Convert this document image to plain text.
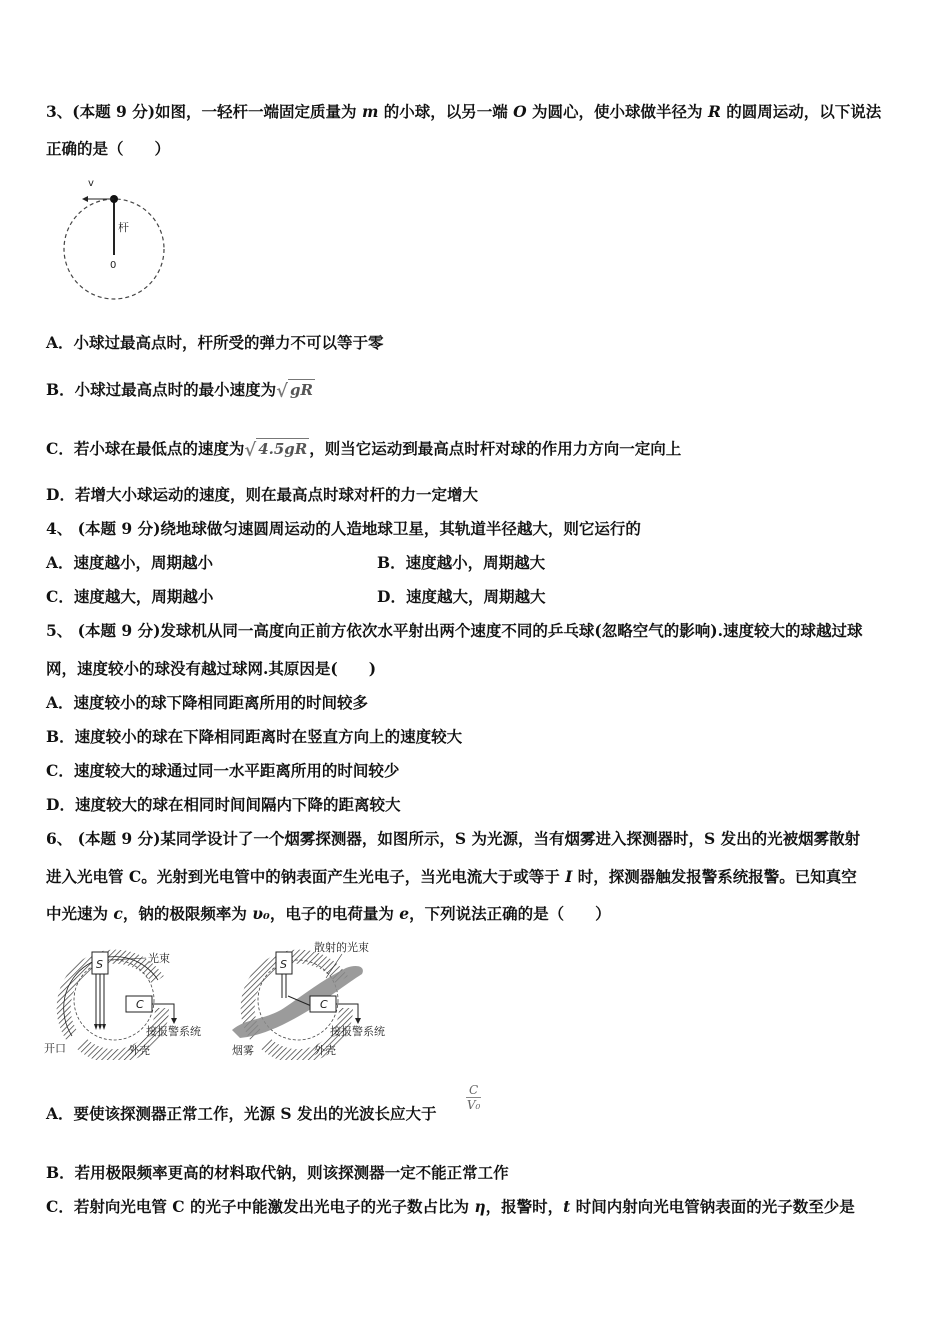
3、(本题 9 分)如图，一轻杆一端固定质量为 m 的小球，以另一端 O 为圆心，使小球做半径为 R 的圆周运动，以下说法
正确的是（　　）
v
杆
0
A．小球过最高点时，杆所受的弹力不可以等于零
B．小球过最高点时的最小速度为√ gR
C．若小球在最低点的速度为√ 4.5gR ，则当它运动到最高点时杆对球的作用力方向一定向上
D．若增大小球运动的速度，则在最高点时球对杆的力一定增大
4、 (本题 9 分)绕地球做匀速圆周运动的人造地球卫星，其轨道半径越大，则它运行的
A．速度越小，周期越小	B．速度越小，周期越大
C．速度越大，周期越小	D．速度越大，周期越大
5、 (本题 9 分)发球机从同一高度向正前方依次水平射出两个速度不同的乒乓球(忽略空气的影响).速度较大的球越过球
网，速度较小的球没有越过球网.其原因是(　　)
A．速度较小的球下降相同距离所用的时间较多
B．速度较小的球在下降相同距离时在竖直方向上的速度较大
C．速度较大的球通过同一水平距离所用的时间较少
D．速度较大的球在相同时间间隔内下降的距离较大
6、 (本题 9 分)某同学设计了一个烟雾探测器，如图所示，S 为光源，当有烟雾进入探测器时，S 发出的光被烟雾散射
进入光电管 C。光射到光电管中的钠表面产生光电子，当光电流大于或等于 I 时，探测器触发报警系统报警。已知真空
中光速为 c，钠的极限频率为 υ₀，电子的电荷量为 e，下列说法正确的是（　　）
S
C
光束
接报警系统
开口	外壳
S
C
散射的光束
接报警系统
烟雾	外壳
A．要使该探测器正常工作，光源 S 发出的光波长应大于
$\frac{C}{\text{V₀}}$
B．若用极限频率更高的材料取代钠，则该探测器一定不能正常工作
C．若射向光电管 C 的光子中能激发出光电子的光子数占比为 η，报警时，t 时间内射向光电管钠表面的光子数至少是
